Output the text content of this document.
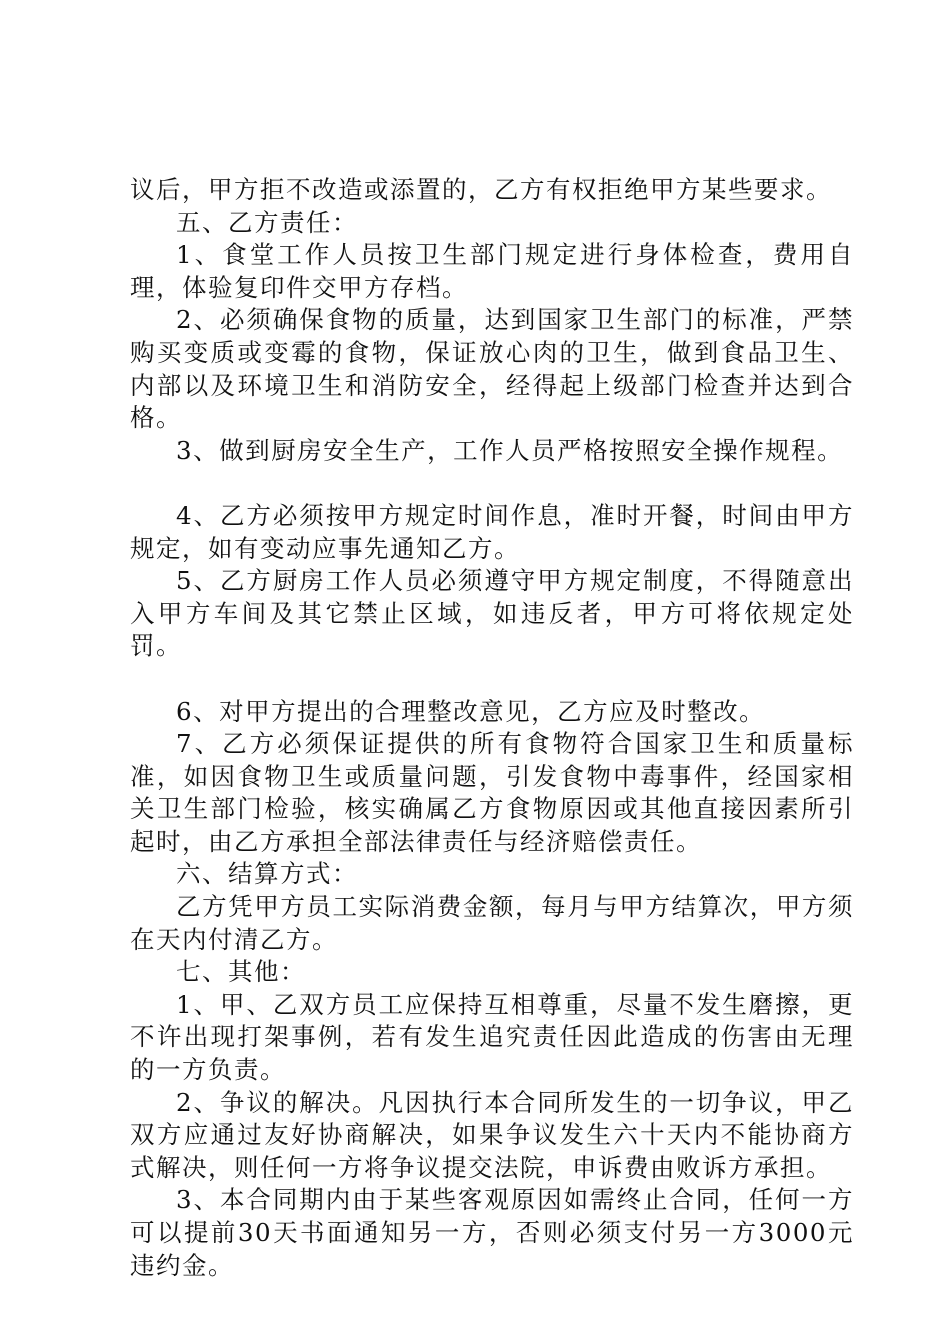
议后，甲方拒不改造或添置的，乙方有权拒绝甲方某些要求。

五、乙方责任：

1、食堂工作人员按卫生部门规定进行身体检查，费用自理，体验复印件交甲方存档。

2、必须确保食物的质量，达到国家卫生部门的标准，严禁购买变质或变霉的食物，保证放心肉的卫生，做到食品卫生、内部以及环境卫生和消防安全，经得起上级部门检查并达到合格。

3、做到厨房安全生产，工作人员严格按照安全操作规程。

4、乙方必须按甲方规定时间作息，准时开餐，时间由甲方规定，如有变动应事先通知乙方。

5、乙方厨房工作人员必须遵守甲方规定制度，不得随意出入甲方车间及其它禁止区域，如违反者，甲方可将依规定处罚。

6、对甲方提出的合理整改意见，乙方应及时整改。

7、乙方必须保证提供的所有食物符合国家卫生和质量标准，如因食物卫生或质量问题，引发食物中毒事件，经国家相关卫生部门检验，核实确属乙方食物原因或其他直接因素所引起时，由乙方承担全部法律责任与经济赔偿责任。

六、结算方式：

乙方凭甲方员工实际消费金额，每月与甲方结算次，甲方须在天内付清乙方。

七、其他：

1、甲、乙双方员工应保持互相尊重，尽量不发生磨擦，更不许出现打架事例，若有发生追究责任因此造成的伤害由无理的一方负责。

2、争议的解决。凡因执行本合同所发生的一切争议，甲乙双方应通过友好协商解决，如果争议发生六十天内不能协商方式解决，则任何一方将争议提交法院，申诉费由败诉方承担。

3、本合同期内由于某些客观原因如需终止合同，任何一方可以提前30天书面通知另一方，否则必须支付另一方3000元违约金。
